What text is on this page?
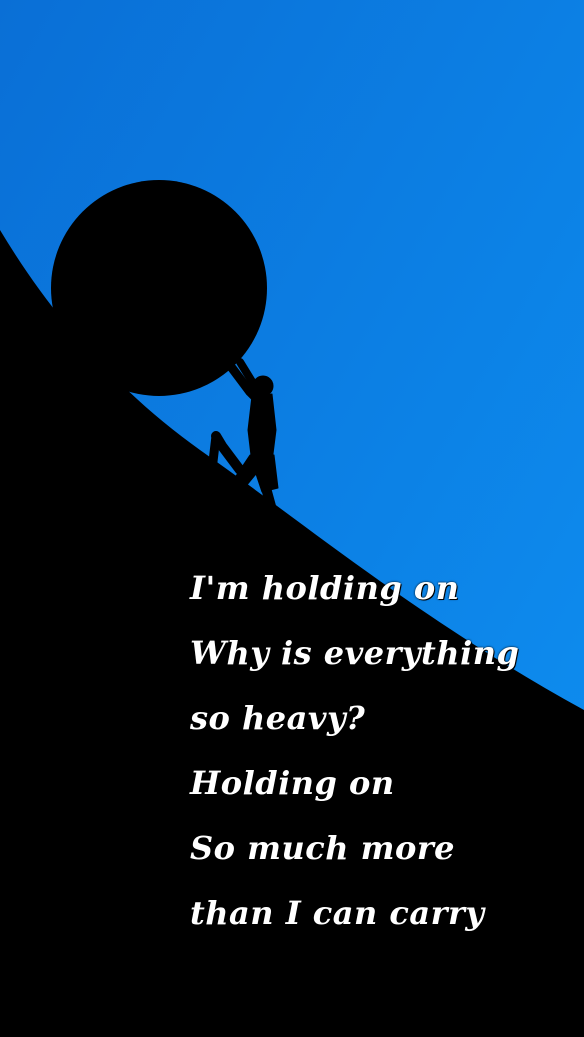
I'm holding on
Why is everything
so heavy?
Holding on
So much more
than I can carry
